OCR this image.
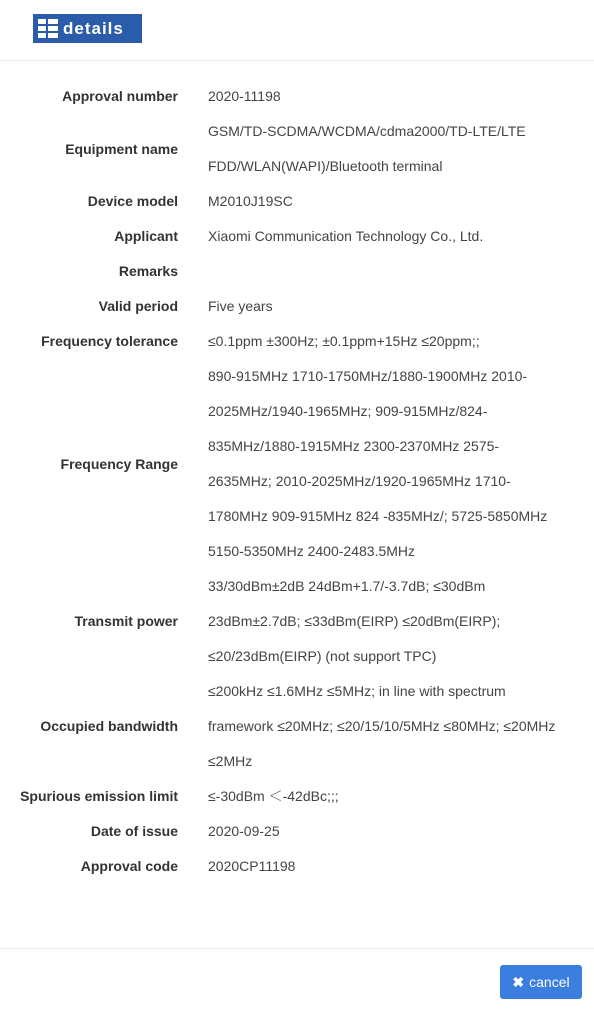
details
Approval number	2020-11198
Equipment name	GSM/TD-SCDMA/WCDMA/cdma2000/TD-LTE/LTE FDD/WLAN(WAPI)/Bluetooth terminal
Device model	M2010J19SC
Applicant	Xiaomi Communication Technology Co., Ltd.
Remarks	
Valid period	Five years
Frequency tolerance	≤0.1ppm ±300Hz; ±0.1ppm+15Hz ≤20ppm;;
Frequency Range	890-915MHz 1710-1750MHz/1880-1900MHz 2010-2025MHz/1940-1965MHz; 909-915MHz/824-835MHz/1880-1915MHz 2300-2370MHz 2575-2635MHz; 2010-2025MHz/1920-1965MHz 1710-1780MHz 909-915MHz 824 -835MHz/; 5725-5850MHz 5150-5350MHz 2400-2483.5MHz
Transmit power	33/30dBm±2dB 24dBm+1.7/-3.7dB; ≤30dBm 23dBm±2.7dB; ≤33dBm(EIRP) ≤20dBm(EIRP); ≤20/23dBm(EIRP) (not support TPC)
Occupied bandwidth	≤200kHz ≤1.6MHz ≤5MHz; in line with spectrum framework ≤20MHz; ≤20/15/10/5MHz ≤80MHz; ≤20MHz ≤2MHz
Spurious emission limit	≤-30dBm ＜-42dBc;;;
Date of issue	2020-09-25
Approval code	2020CP11198
✖ cancel
